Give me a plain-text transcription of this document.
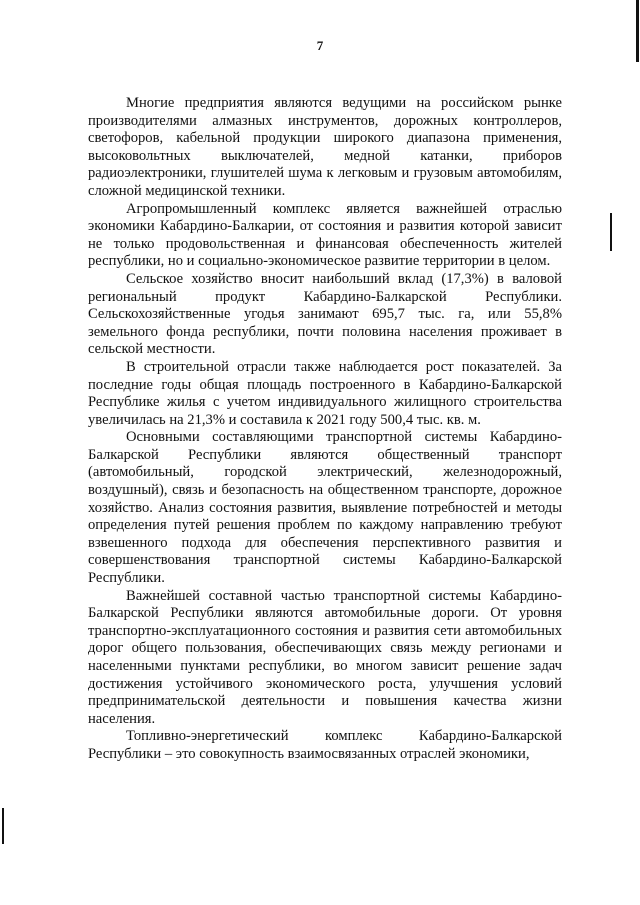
7

Многие предприятия являются ведущими на российском рынке производителями алмазных инструментов, дорожных контроллеров, светофоров, кабельной продукции широкого диапазона применения, высоковольтных выключателей, медной катанки, приборов радиоэлектроники, глушителей шума к легковым и грузовым автомобилям, сложной медицинской техники.

Агропромышленный комплекс является важнейшей отраслью экономики Кабардино-Балкарии, от состояния и развития которой зависит не только продовольственная и финансовая обеспеченность жителей республики, но и социально-экономическое развитие территории в целом.

Сельское хозяйство вносит наибольший вклад (17,3%) в валовой региональный продукт Кабардино-Балкарской Республики. Сельскохозяйственные угодья занимают 695,7 тыс. га, или 55,8% земельного фонда республики, почти половина населения проживает в сельской местности.

В строительной отрасли также наблюдается рост показателей. За последние годы общая площадь построенного в Кабардино-Балкарской Республике жилья с учетом индивидуального жилищного строительства увеличилась на 21,3% и составила к 2021 году 500,4 тыс. кв. м.

Основными составляющими транспортной системы Кабардино-Балкарской Республики являются общественный транспорт (автомобильный, городской электрический, железнодорожный, воздушный), связь и безопасность на общественном транспорте, дорожное хозяйство. Анализ состояния развития, выявление потребностей и методы определения путей решения проблем по каждому направлению требуют взвешенного подхода для обеспечения перспективного развития и совершенствования транспортной системы Кабардино-Балкарской Республики.

Важнейшей составной частью транспортной системы Кабардино-Балкарской Республики являются автомобильные дороги. От уровня транспортно-эксплуатационного состояния и развития сети автомобильных дорог общего пользования, обеспечивающих связь между регионами и населенными пунктами республики, во многом зависит решение задач достижения устойчивого экономического роста, улучшения условий предпринимательской деятельности и повышения качества жизни населения.

Топливно-энергетический комплекс Кабардино-Балкарской Республики – это совокупность взаимосвязанных отраслей экономики,
